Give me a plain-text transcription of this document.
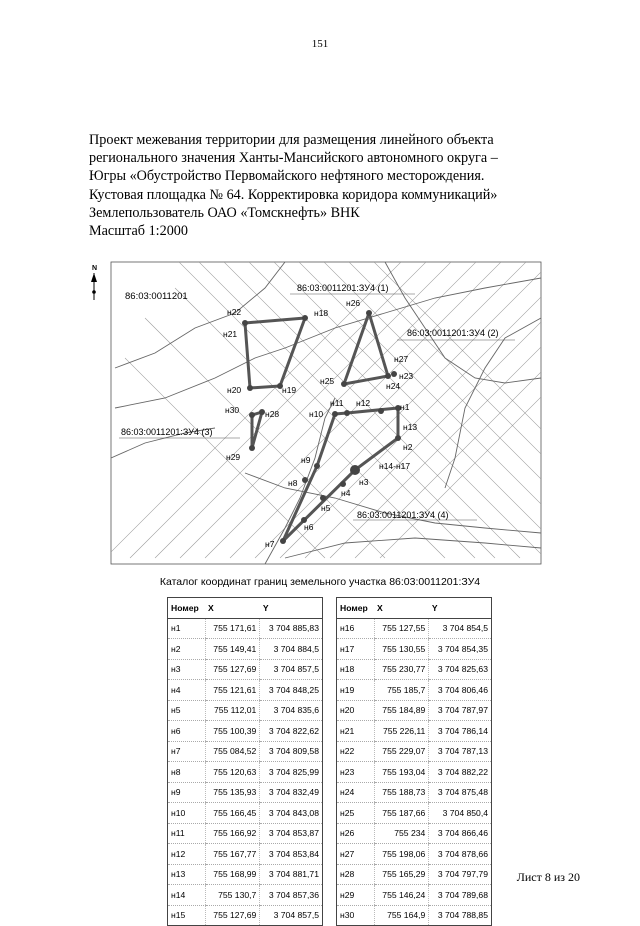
151
Проект межевания территории для размещения линейного объекта
регионального значения Ханты-Мансийского автономного округа –
Югры «Обустройство Первомайского нефтяного месторождения.
Кустовая площадка № 64. Корректировка коридора коммуникаций»
Землепользователь ОАО «Томскнефть» ВНК
Масштаб 1:2000
N
86:03:0011201
86:03:0011201:ЗУ4 (1)
86:03:0011201:ЗУ4 (2)
86:03:0011201:ЗУ4 (3)
86:03:0011201:ЗУ4 (4)
н1
н2
н3
н4
н5
н6
н7
н8
н9
н10
н11 н12
н13
н14-н17
н18
н19
н20
н21
н22
н23
н24
н25
н26
н27
н28
н29
н30
Каталог координат границ земельного участка 86:03:0011201:ЗУ4
Номер	X	Y
н1	755 171,61	3 704 885,83
н2	755 149,41	3 704 884,5
н3	755 127,69	3 704 857,5
н4	755 121,61	3 704 848,25
н5	755 112,01	3 704 835,6
н6	755 100,39	3 704 822,62
н7	755 084,52	3 704 809,58
н8	755 120,63	3 704 825,99
н9	755 135,93	3 704 832,49
н10	755 166,45	3 704 843,08
н11	755 166,92	3 704 853,87
н12	755 167,77	3 704 853,84
н13	755 168,99	3 704 881,71
н14	755 130,7	3 704 857,36
н15	755 127,69	3 704 857,5
Номер	X	Y
н16	755 127,55	3 704 854,5
н17	755 130,55	3 704 854,35
н18	755 230,77	3 704 825,63
н19	755 185,7	3 704 806,46
н20	755 184,89	3 704 787,97
н21	755 226,11	3 704 786,14
н22	755 229,07	3 704 787,13
н23	755 193,04	3 704 882,22
н24	755 188,73	3 704 875,48
н25	755 187,66	3 704 850,4
н26	755 234	3 704 866,46
н27	755 198,06	3 704 878,66
н28	755 165,29	3 704 797,79
н29	755 146,24	3 704 789,68
н30	755 164,9	3 704 788,85
Лист 8 из 20
